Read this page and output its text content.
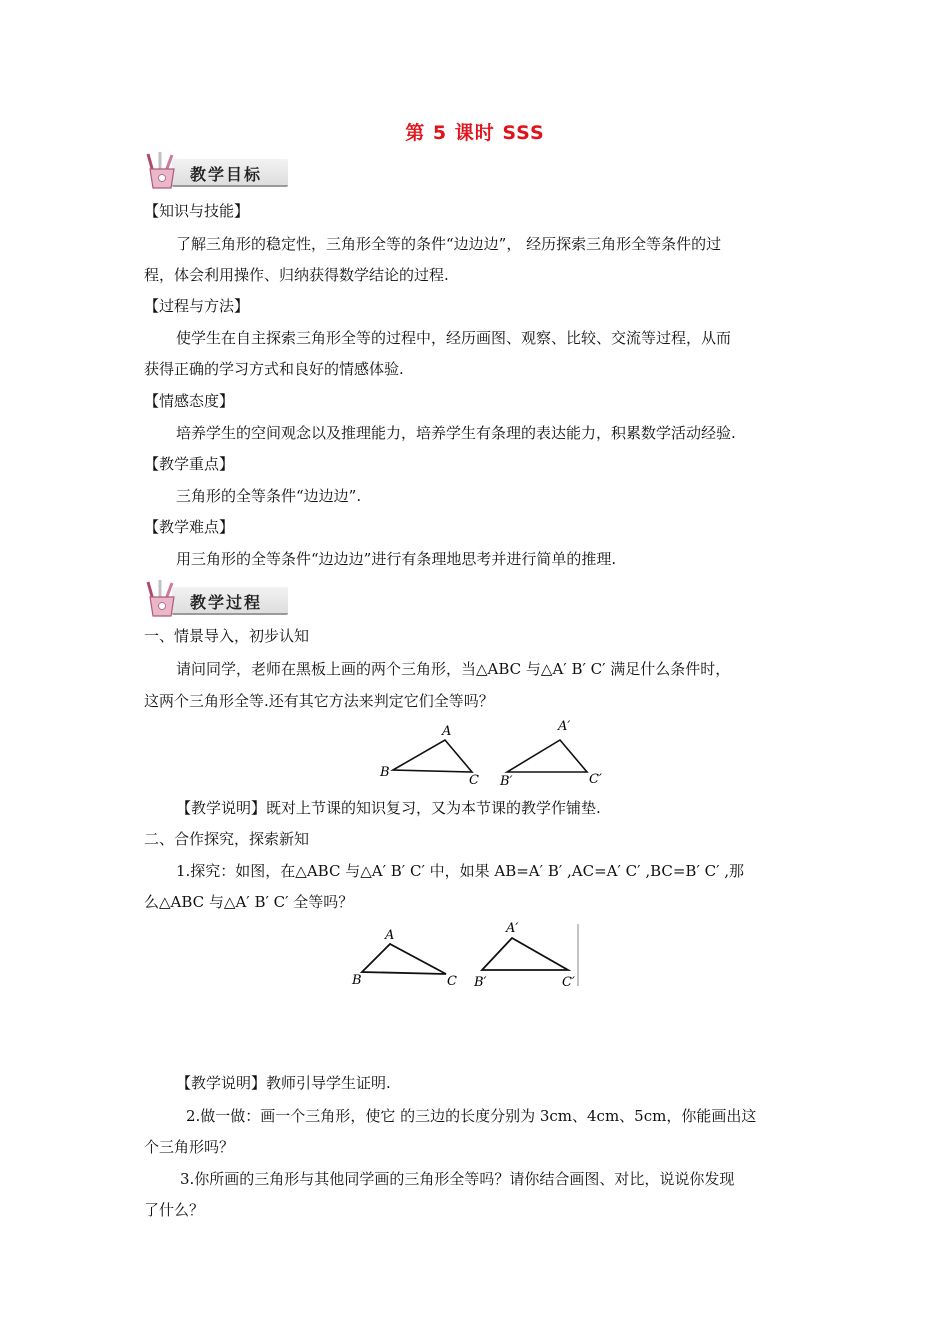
第 5 课时 SSS
教学目标
【知识与技能】
了解三角形的稳定性，三角形全等的条件“边边边”， 经历探索三角形全等条件的过
程，体会利用操作、归纳获得数学结论的过程.
【过程与方法】
使学生在自主探索三角形全等的过程中，经历画图、观察、比较、交流等过程，从而
获得正确的学习方式和良好的情感体验.
【情感态度】
培养学生的空间观念以及推理能力，培养学生有条理的表达能力，积累数学活动经验.
【教学重点】
三角形的全等条件“边边边”.
【教学难点】
用三角形的全等条件“边边边”进行有条理地思考并进行简单的推理.
教学过程
一、情景导入，初步认知
请问同学，老师在黑板上画的两个三角形，当△ABC 与△A′ B′ C′ 满足什么条件时，
这两个三角形全等.还有其它方法来判定它们全等吗？
A
B
C
A′
B′	C′
【教学说明】既对上节课的知识复习，又为本节课的教学作铺垫.
二、合作探究，探索新知
1.探究：如图，在△ABC 与△A′ B′ C′ 中，如果 AB=A′ B′ ,AC=A′ C′ ,BC=B′ C′ ,那
么△ABC 与△A′ B′ C′ 全等吗？
A
B	C
A′
B′	C′
【教学说明】教师引导学生证明.
2.做一做：画一个三角形，使它 的三边的长度分别为 3cm、4cm、5cm，你能画出这
个三角形吗？
3.你所画的三角形与其他同学画的三角形全等吗？请你结合画图、对比，说说你发现
了什么？
